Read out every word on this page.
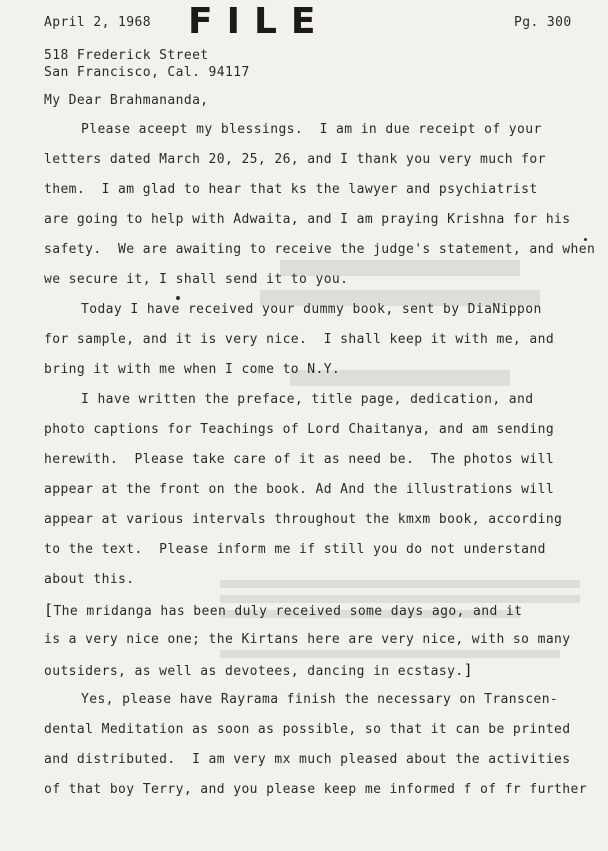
April 2, 1968 FILE	Pg. 300
518 Frederick Street
San Francisco, Cal. 94117
My Dear Brahmananda,
Please aceept my blessings.  I am in due receipt of your
letters dated March 20, 25, 26, and I thank you very much for
them.  I am glad to hear that ks the lawyer and psychiatrist
are going to help with Adwaita, and I am praying Krishna for his
safety.  We are awaiting to receive the judge's statement, and when
we secure it, I shall send it to you.
Today I have received your dummy book, sent by DiaNippon
for sample, and it is very nice.  I shall keep it with me, and
bring it with me when I come to N.Y.
I have written the preface, title page, dedication, and
photo captions for Teachings of Lord Chaitanya, and am sending
herewith.  Please take care of it as need be.  The photos will
appear at the front on the book. Ad And the illustrations will
appear at various intervals throughout the kmxm book, according
to the text.  Please inform me if still you do not understand
about this.
[The mridanga has been duly received some days ago, and it
is a very nice one; the Kirtans here are very nice, with so many
outsiders, as well as devotees, dancing in ecstasy.]
Yes, please have Rayrama finish the necessary on Transcen-
dental Meditation as soon as possible, so that it can be printed
and distributed.  I am very mx much pleased about the activities
of that boy Terry, and you please keep me informed f of fr further
